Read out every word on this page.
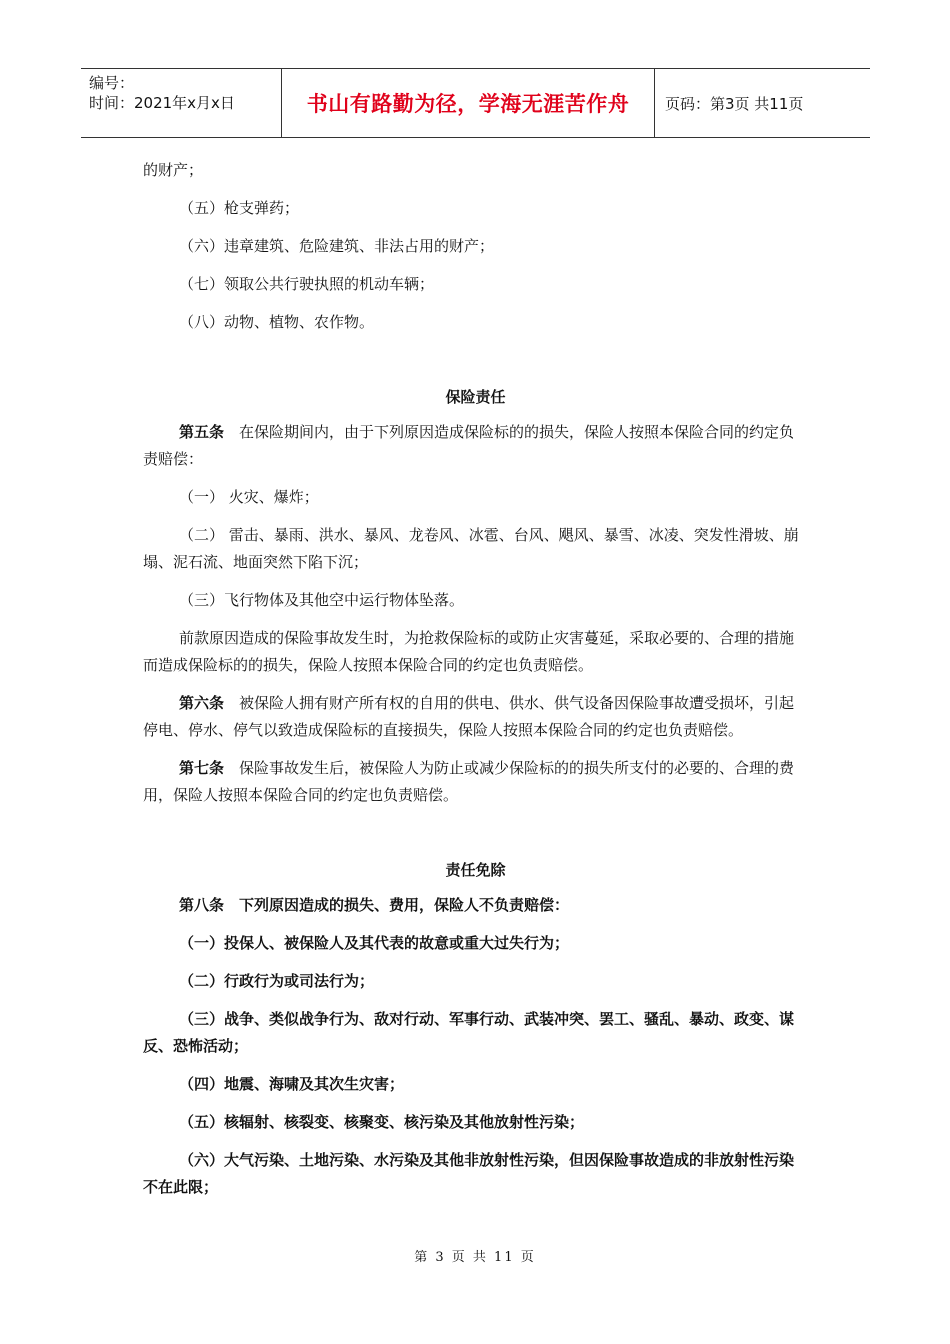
编号：
时间：2021年x月x日	书山有路勤为径，学海无涯苦作舟	页码：第3页 共11页

的财产；

（五）枪支弹药；

（六）违章建筑、危险建筑、非法占用的财产；

（七）领取公共行驶执照的机动车辆；

（八）动物、植物、农作物。

保险责任

第五条　在保险期间内，由于下列原因造成保险标的的损失，保险人按照本保险合同的约定负责赔偿：

（一） 火灾、爆炸；

（二） 雷击、暴雨、洪水、暴风、龙卷风、冰雹、台风、飓风、暴雪、冰凌、突发性滑坡、崩塌、泥石流、地面突然下陷下沉；

（三）飞行物体及其他空中运行物体坠落。

前款原因造成的保险事故发生时，为抢救保险标的或防止灾害蔓延，采取必要的、合理的措施而造成保险标的的损失，保险人按照本保险合同的约定也负责赔偿。

第六条　被保险人拥有财产所有权的自用的供电、供水、供气设备因保险事故遭受损坏，引起停电、停水、停气以致造成保险标的直接损失，保险人按照本保险合同的约定也负责赔偿。

第七条　保险事故发生后，被保险人为防止或减少保险标的的损失所支付的必要的、合理的费用，保险人按照本保险合同的约定也负责赔偿。

责任免除

第八条　下列原因造成的损失、费用，保险人不负责赔偿：

（一）投保人、被保险人及其代表的故意或重大过失行为；

（二）行政行为或司法行为；

（三）战争、类似战争行为、敌对行动、军事行动、武装冲突、罢工、骚乱、暴动、政变、谋反、恐怖活动；

（四）地震、海啸及其次生灾害；

（五）核辐射、核裂变、核聚变、核污染及其他放射性污染；

（六）大气污染、土地污染、水污染及其他非放射性污染，但因保险事故造成的非放射性污染不在此限；

第 3 页 共 11 页
